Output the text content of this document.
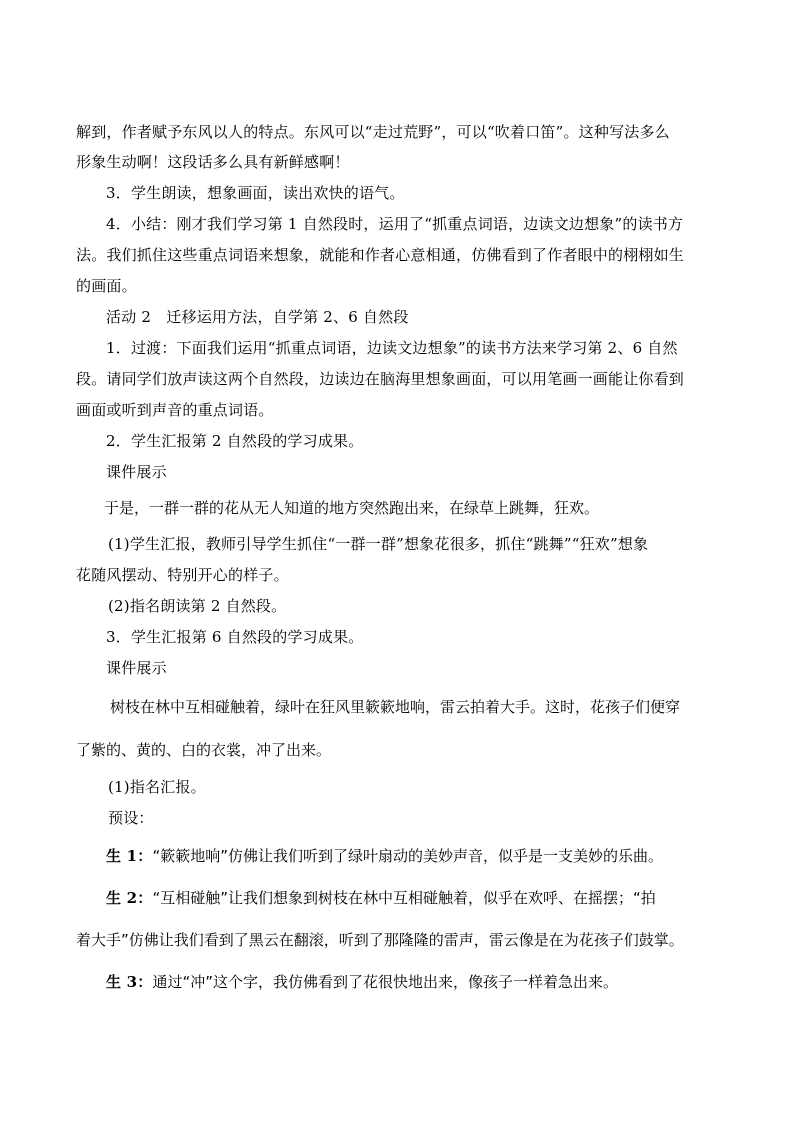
解到，作者赋予东风以人的特点。东风可以“走过荒野”，可以“吹着口笛”。这种写法多么
形象生动啊！这段话多么具有新鲜感啊！
3．学生朗读，想象画面，读出欢快的语气。
4．小结：刚才我们学习第 1 自然段时，运用了“抓重点词语，边读文边想象”的读书方
法。我们抓住这些重点词语来想象，就能和作者心意相通，仿佛看到了作者眼中的栩栩如生
的画面。
活动 2　迁移运用方法，自学第 2、6 自然段
1．过渡：下面我们运用“抓重点词语，边读文边想象”的读书方法来学习第 2、6 自然
段。请同学们放声读这两个自然段，边读边在脑海里想象画面，可以用笔画一画能让你看到
画面或听到声音的重点词语。
2．学生汇报第 2 自然段的学习成果。
课件展示
于是，一群一群的花从无人知道的地方突然跑出来，在绿草上跳舞，狂欢。
(1)学生汇报，教师引导学生抓住“一群一群”想象花很多，抓住“跳舞”“狂欢”想象
花随风摆动、特别开心的样子。
(2)指名朗读第 2 自然段。
3．学生汇报第 6 自然段的学习成果。
课件展示
树枝在林中互相碰触着，绿叶在狂风里簌簌地响，雷云拍着大手。这时，花孩子们便穿
了紫的、黄的、白的衣裳，冲了出来。
(1)指名汇报。
预设：
生 1：“簌簌地响”仿佛让我们听到了绿叶扇动的美妙声音，似乎是一支美妙的乐曲。
生 2：“互相碰触”让我们想象到树枝在林中互相碰触着，似乎在欢呼、在摇摆；“拍
着大手”仿佛让我们看到了黑云在翻滚，听到了那隆隆的雷声，雷云像是在为花孩子们鼓掌。
生 3：通过“冲”这个字，我仿佛看到了花很快地出来，像孩子一样着急出来。
